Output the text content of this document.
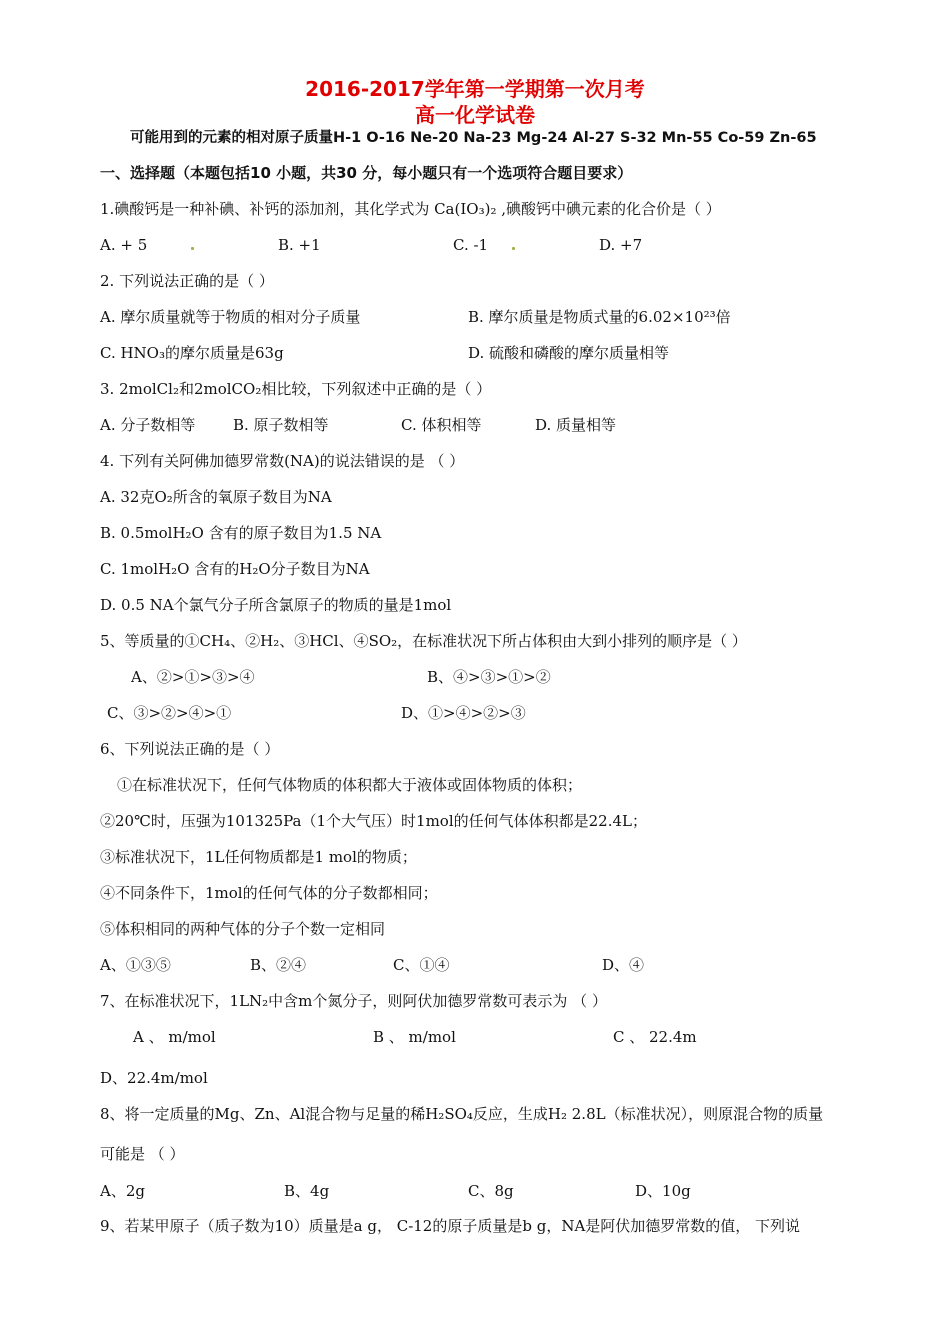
2016-2017学年第一学期第一次月考
高一化学试卷
可能用到的元素的相对原子质量H-1 O-16 Ne-20 Na-23 Mg-24 Al-27 S-32 Mn-55 Co-59 Zn-65
一、选择题（本题包括10 小题，共30 分，每小题只有一个选项符合题目要求）
1.碘酸钙是一种补碘、补钙的添加剂，其化学式为 Ca(IO₃)₂ ,碘酸钙中碘元素的化合价是（ ）
A. + 5	B. +1	C. -1	D. +7
2. 下列说法正确的是（ ）
A. 摩尔质量就等于物质的相对分子质量	B. 摩尔质量是物质式量的6.02×10²³倍
C. HNO₃的摩尔质量是63g	D. 硫酸和磷酸的摩尔质量相等
3. 2molCl₂和2molCO₂相比较，下列叙述中正确的是（ ）
A. 分子数相等	B. 原子数相等	C. 体积相等	D. 质量相等
4. 下列有关阿佛加德罗常数(NA)的说法错误的是 （ ）
A. 32克O₂所含的氧原子数目为NA
B. 0.5molH₂O 含有的原子数目为1.5 NA
C. 1molH₂O 含有的H₂O分子数目为NA
D. 0.5 NA个氯气分子所含氯原子的物质的量是1mol
5、等质量的①CH₄、②H₂、③HCl、④SO₂，在标准状况下所占体积由大到小排列的顺序是（ ）
A、②>①>③>④	B、④>③>①>②
C、③>②>④>①	D、①>④>②>③
6、下列说法正确的是（ ）
①在标准状况下，任何气体物质的体积都大于液体或固体物质的体积；
②20℃时，压强为101325Pa（1个大气压）时1mol的任何气体体积都是22.4L；
③标准状况下，1L任何物质都是1 mol的物质；
④不同条件下，1mol的任何气体的分子数都相同；
⑤体积相同的两种气体的分子个数一定相同
A、①③⑤	B、②④	C、①④	D、④
7、在标准状况下，1LN₂中含m个氮分子，则阿伏加德罗常数可表示为 （ ）
A 、 m/mol	B 、 m/mol	C 、 22.4m
D、22.4m/mol
8、将一定质量的Mg、Zn、Al混合物与足量的稀H₂SO₄反应，生成H₂ 2.8L（标准状况），则原混合物的质量
可能是 （ ）
A、2g	B、4g	C、8g	D、10g
9、若某甲原子（质子数为10）质量是a g， C-12的原子质量是b g，NA是阿伏加德罗常数的值， 下列说
